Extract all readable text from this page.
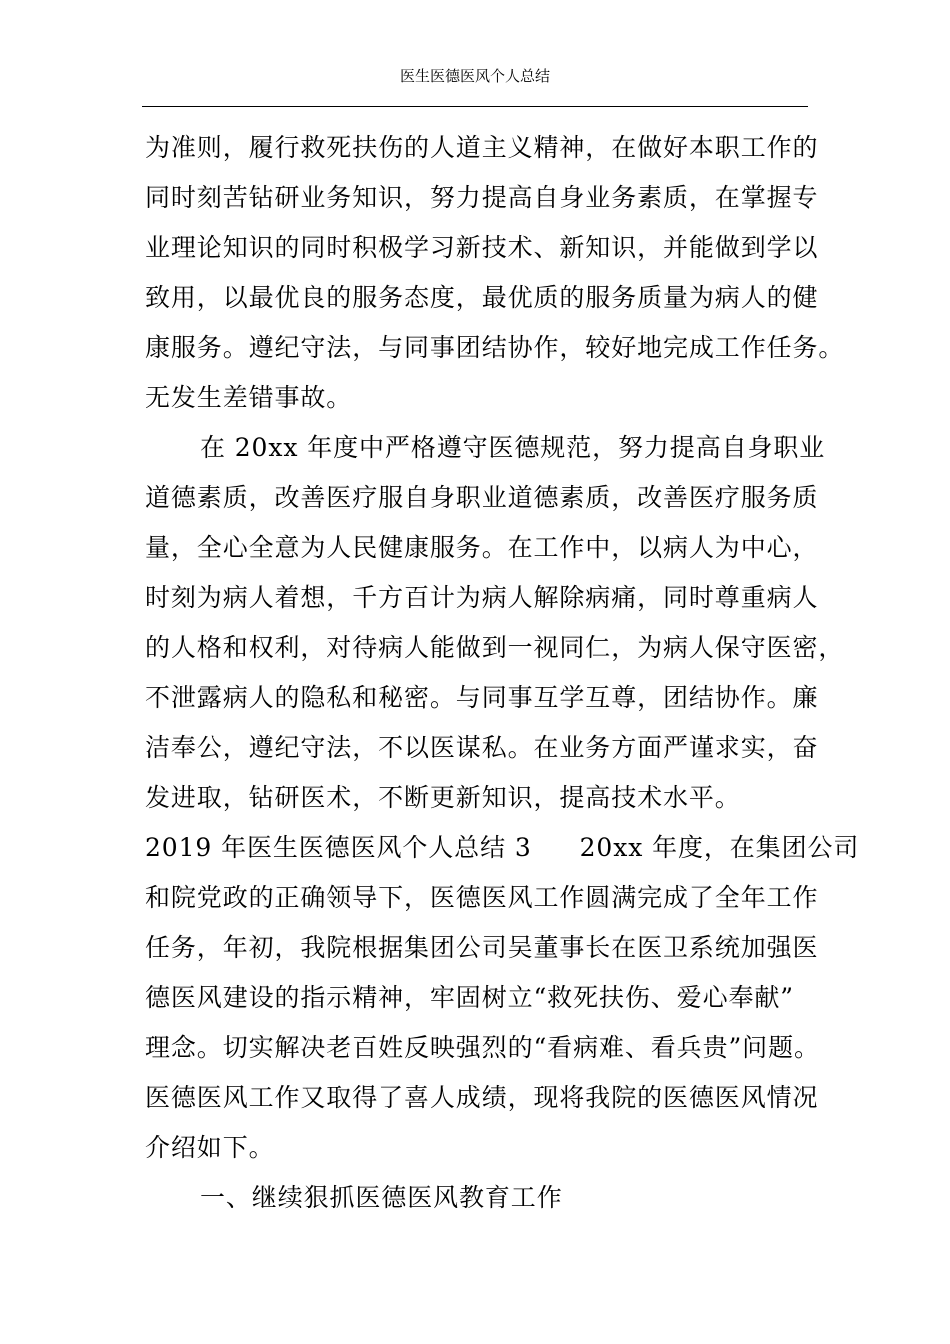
医生医德医风个人总结
为准则，履行救死扶伤的人道主义精神，在做好本职工作的
同时刻苦钻研业务知识，努力提高自身业务素质，在掌握专
业理论知识的同时积极学习新技术、新知识，并能做到学以
致用，以最优良的服务态度，最优质的服务质量为病人的健
康服务。遵纪守法，与同事团结协作，较好地完成工作任务。
无发生差错事故。
在 20xx 年度中严格遵守医德规范，努力提高自身职业
道德素质，改善医疗服自身职业道德素质，改善医疗服务质
量，全心全意为人民健康服务。在工作中，以病人为中心，
时刻为病人着想，千方百计为病人解除病痛，同时尊重病人
的人格和权利，对待病人能做到一视同仁，为病人保守医密，
不泄露病人的隐私和秘密。与同事互学互尊，团结协作。廉
洁奉公，遵纪守法，不以医谋私。在业务方面严谨求实，奋
发进取，钻研医术，不断更新知识，提高技术水平。
2019 年医生医德医风个人总结 3 20xx 年度，在集团公司
和院党政的正确领导下，医德医风工作圆满完成了全年工作
任务，年初，我院根据集团公司吴董事长在医卫系统加强医
德医风建设的指示精神，牢固树立“救死扶伤、爱心奉献”
理念。切实解决老百姓反映强烈的“看病难、看兵贵”问题。
医德医风工作又取得了喜人成绩，现将我院的医德医风情况
介绍如下。
一、继续狠抓医德医风教育工作
